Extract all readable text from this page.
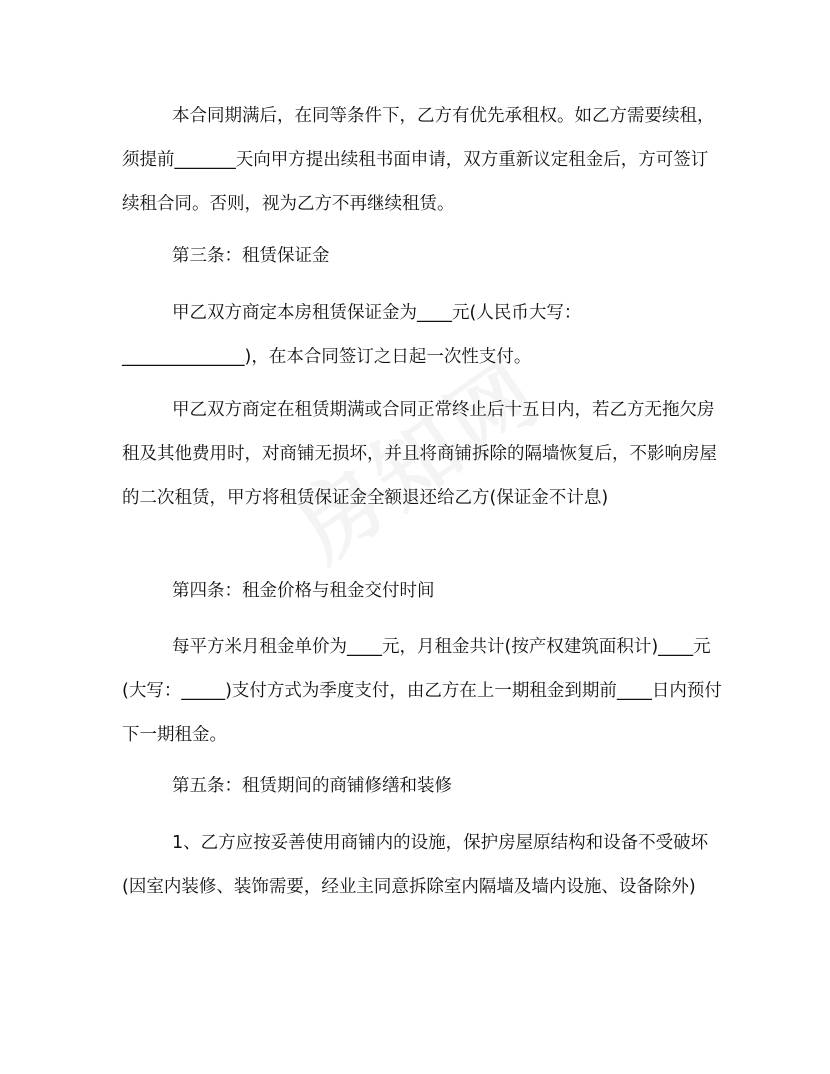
本合同期满后，在同等条件下，乙方有优先承租权。如乙方需要续租，须提前_______天向甲方提出续租书面申请，双方重新议定租金后，方可签订续租合同。否则，视为乙方不再继续租赁。

第三条：租赁保证金

甲乙双方商定本房租赁保证金为____元(人民币大写：______________)，在本合同签订之日起一次性支付。

甲乙双方商定在租赁期满或合同正常终止后十五日内，若乙方无拖欠房租及其他费用时，对商铺无损坏，并且将商铺拆除的隔墙恢复后，不影响房屋的二次租赁，甲方将租赁保证金全额退还给乙方(保证金不计息)

第四条：租金价格与租金交付时间

每平方米月租金单价为____元，月租金共计(按产权建筑面积计)____元(大写：_____)支付方式为季度支付，由乙方在上一期租金到期前____日内预付下一期租金。

第五条：租赁期间的商铺修缮和装修

1、乙方应按妥善使用商铺内的设施，保护房屋原结构和设备不受破坏(因室内装修、装饰需要，经业主同意拆除室内隔墙及墙内设施、设备除外)
